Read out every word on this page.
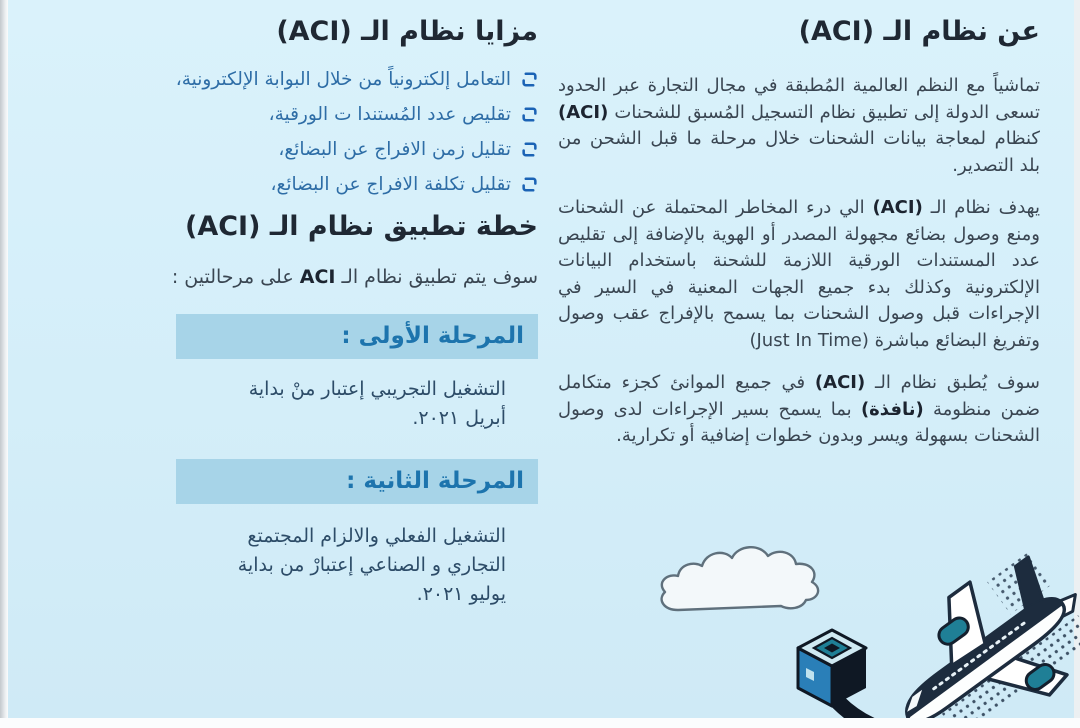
عن نظام الـ (ACI)

تماشياً مع النظم العالمية المُطبقة في مجال التجارة عبر الحدود تسعى الدولة إلى تطبيق نظام التسجيل المُسبق للشحنات (ACI) كنظام لمعاجة بيانات الشحنات خلال مرحلة ما قبل الشحن من بلد التصدير.

يهدف نظام الـ (ACI) الي درء المخاطر المحتملة عن الشحنات ومنع وصول بضائع مجهولة المصدر أو الهوية بالإضافة إلى تقليص عدد المستندات الورقية اللازمة للشحنة باستخدام البيانات الإلكترونية وكذلك بدء جميع الجهات المعنية في السير في الإجراءات قبل وصول الشحنات بما يسمح بالإفراج عقب وصول وتفريغ البضائع مباشرة (Just In Time)

سوف يُطبق نظام الـ (ACI) في جميع الموانئ كجزء متكامل ضمن منظومة (نافذة) بما يسمح بسير الإجراءات لدى وصول الشحنات بسهولة ويسر وبدون خطوات إضافية أو تكرارية.

مزايا نظام الـ (ACI)
التعامل إلكترونياً من خلال البوابة الإلكترونية،
تقليص عدد المُستندا ت الورقية،
تقليل زمن الافراج عن البضائع،
تقليل تكلفة الافراج عن البضائع،
خطة تطبيق نظام الـ (ACI)

سوف يتم تطبيق نظام الـ ACI على مرحالتين :

المرحلة الأولى :

التشغيل التجريبي إعتبار منْ بداية أبريل ٢٠٢١.

المرحلة الثانية :

التشغيل الفعلي والالزام المجتمتع التجاري و الصناعي إعتبارْ من بداية يوليو ٢٠٢١.
